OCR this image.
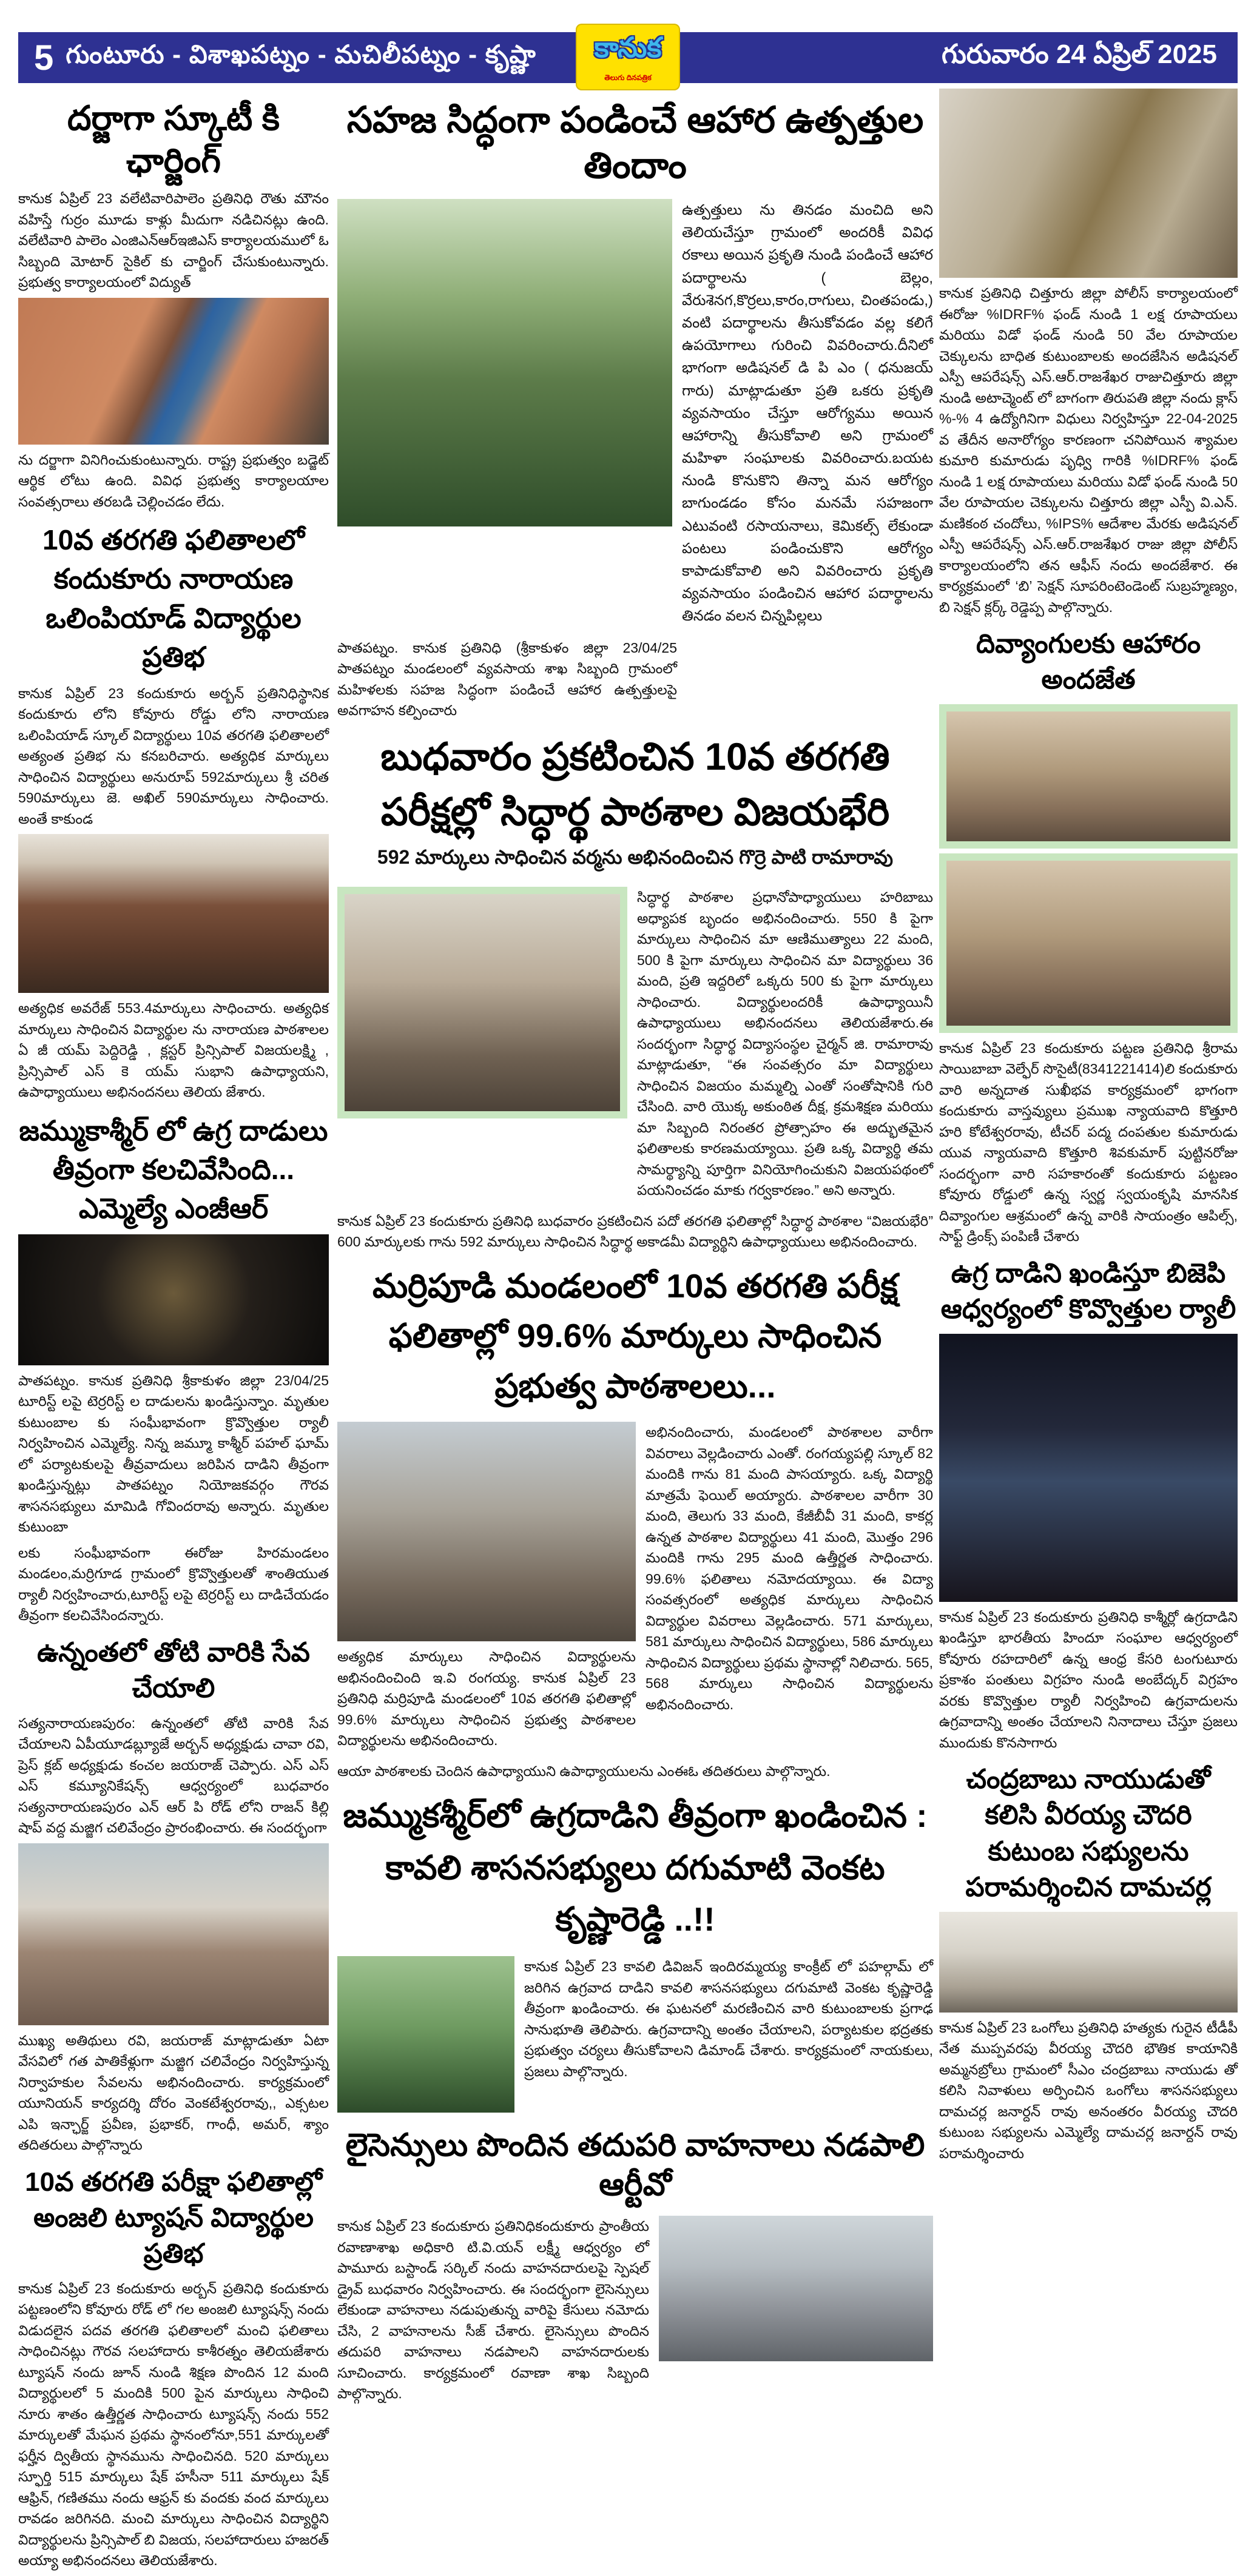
5 గుంటూరు - విశాఖపట్నం - మచిలీపట్నం - కృష్ణా కానుక
తెలుగు దినపత్రిక
గురువారం 24 ఏప్రిల్ 2025
దర్జాగా స్కూటీ కి ఛార్జింగ్
కానుక ఏప్రిల్ 23 వలేటివారిపాలెం ప్రతినిధి రౌతు మౌనం వహిస్తే గుర్రం మూడు కాళ్లు మీదుగా నడిచినట్లు ఉంది. వలేటివారి పాలెం ఎంజిఎన్ఆర్ఇజిఎస్ కార్యాలయములో ఓ సిబ్బంది మోటార్ సైకిల్ కు చార్జింగ్ చేసుకుంటున్నారు. ప్రభుత్వ కార్యాలయంలో విద్యుత్
ను దర్జాగా వినిగించుకుంటున్నారు. రాష్ట్ర ప్రభుత్వం బడ్జెట్ ఆర్థిక లోటు ఉంది. వివిధ ప్రభుత్వ కార్యాలయాల సంవత్సరాలు తరబడి చెల్లించడం లేదు.
10వ తరగతి ఫలితాలలో కందుకూరు నారాయణ ఒలింపియాడ్ విద్యార్థుల ప్రతిభ
కానుక ఏప్రిల్ 23 కందుకూరు అర్బన్ ప్రతినిధిస్థానిక కందుకూరు లోని కోవూరు రోడ్డు లోని నారాయణ ఒలింపియాడ్ స్కూల్ విద్యార్థులు 10వ తరగతి ఫలితాలలో అత్యంత ప్రతిభ ను కనబరిచారు. అత్యధిక మార్కులు సాధించిన విద్యార్థులు అనురూప్ 592మార్కులు శ్రీ చరిత 590మార్కులు జె. అఖిల్ 590మార్కులు సాధించారు. అంతే కాకుండ
అత్యధిక అవరేజ్ 553.4మార్కులు సాధించారు. అత్యధిక మార్కులు సాధించిన విద్యార్థుల ను నారాయణ పాఠశాలల ఏ జీ యమ్ పెద్దిరెడ్డి , క్లస్టర్ ప్రిన్సిపాల్ విజయలక్ష్మి , ప్రిన్సిపాల్ ఎస్ కె యమ్ సుభాని ఉపాధ్యాయని, ఉపాధ్యాయులు అభినందనలు తెలియ జేశారు.
జమ్ముకాశ్మీర్ లో ఉగ్ర దాడులు తీవ్రంగా కలచివేసింది... ఎమ్మెల్యే ఎంజీఆర్
పాతపట్నం. కానుక ప్రతినిధి శ్రీకాకుళం జిల్లా 23/04/25 టూరిస్ట్ లపై టెర్రరిస్ట్ ల దాడులను ఖండిస్తున్నాం. మృతుల కుటుంబాల కు సంఘీభావంగా క్రొవ్వొత్తుల ర్యాలీ నిర్వహించిన ఎమ్మెల్యే. నిన్న జమ్మూ కాశ్మీర్ పహల్ ఘామ్ లో పర్యాటకులపై తీవ్రవాదులు జరిపిన దాడిని తీవ్రంగా ఖండిస్తున్నట్లు పాతపట్నం నియోజకవర్గం గౌరవ శాసనసభ్యులు మామిడి గోవిందరావు అన్నారు. మృతుల కుటుంబా
లకు సంఘీభావంగా ఈరోజు హిరమండలం మండలం,మర్రిగూడ గ్రామంలో క్రొవ్వొత్తులతో శాంతియుత ర్యాలీ నిర్వహించారు,టూరిస్ట్ లపై టెర్రరిస్ట్ లు దాడిచేయడం తీవ్రంగా కలచివేసిందన్నారు.
ఉన్నంతలో తోటి వారికి సేవ చేయాలి
సత్యనారాయణపురం: ఉన్నంతలో తోటి వారికి సేవ చేయాలని ఏపీయూడబ్ల్యూజే అర్బన్ అధ్యక్షుడు చావా రవి, ప్రెస్ క్లబ్ అధ్యక్షుడు కంచల జయరాజ్ చెప్పారు. ఎస్ ఎస్ ఎస్ కమ్యూనికేషన్స్ ఆధ్వర్యంలో బుధవారం సత్యనారాయణపురం ఎన్ ఆర్ పి రోడ్ లోని రాజన్ కిల్లి షాప్ వద్ద మజ్జిగ చలివేంద్రం ప్రారంభించారు. ఈ సందర్భంగా
ముఖ్య అతిథులు రవి, జయరాజ్ మాట్లాడుతూ ఏటా వేసవిలో గత పాతికేళ్లుగా మజ్జిగ చలివేంద్రం నిర్వహిస్తున్న నిర్వాహకుల సేవలను అభినందించారు. కార్యక్రమంలో యూనియన్ కార్యదర్శి దోరం వెంకటేశ్వరరావు,, ఎక్సటల ఎపి ఇన్ఛార్జ్ ప్రవీణ, ప్రభాకర్, గాంధీ, అమర్, శ్యాం తదితరులు పాల్గొన్నారు
10వ తరగతి పరీక్షా ఫలితాల్లో అంజలి ట్యూషన్ విద్యార్థుల ప్రతిభ
కానుక ఏప్రిల్ 23 కందుకూరు అర్బన్ ప్రతినిధి కందుకూరు పట్టణంలోని కోవూరు రోడ్ లో గల అంజలి ట్యూషన్స్ నందు విడుదలైన పదవ తరగతి ఫలితాలలో మంచి ఫలితాలు సాధించినట్లు గౌరవ సలహాదారు కాశీరత్నం తెలియజేశారు ట్యూషన్ నందు జూన్ నుండి శిక్షణ పొందిన 12 మంది విద్యార్థులలో 5 మందికి 500 పైన మార్కులు సాధించి నూరు శాతం ఉత్తీర్ణత సాధించారు ట్యూషన్స్ నందు 552 మార్కులతో మేఘన ప్రథమ స్థానంలోనూ,551 మార్కులతో ఫర్హీన ద్వితీయ స్థానమును సాధించినది. 520 మార్కులు స్ఫూర్తి 515 మార్కులు షేక్ హసీనా 511 మార్కులు షేక్ ఆఫ్రిన్, గణితము నందు ఆఫ్రన్ కు వందకు వంద మార్కులు రావడం జరిగినది. మంచి మార్కులు సాధించిన విద్యార్థిని విద్యార్థులను ప్రిన్సిపాల్ బి విజయ, సలహాదారులు హజరత్ అయ్యా అభినందనలు తెలియజేశారు.
సహజ సిద్ధంగా పండించే ఆహార ఉత్పత్తుల తిందాం
ఉత్పత్తులు ను తినడం మంచిది అని తెలియచేస్తూ గ్రామంలో అందరికీ వివిధ రకాలు అయిన ప్రకృతి నుండి పండించే ఆహార పదార్థాలను ( బెల్లం, వేరుశెనగ,కొర్రలు,కారం,రాగులు, చింతపండు,) వంటి పదార్థాలను తీసుకోవడం వల్ల కలిగే ఉపయోగాలు గురించి వివరించారు.దీనిలో భాగంగా అడిషనల్ డి పి ఎం ( ధనుజయ్ గారు) మాట్లాడుతూ ప్రతి ఒకరు ప్రకృతి వ్యవసాయం చేస్తూ ఆరోగ్యము అయిన ఆహారాన్ని తీసుకోవాలి అని గ్రామంలో మహిళా సంఘాలకు వివరించారు.బయట నుండి కొనుకొని తిన్నా మన ఆరోగ్యం బాగుండడం కోసం మనమే సహజంగా ఎటువంటి రసాయనాలు, కెమికల్స్ లేకుండా పంటలు పండించుకొని ఆరోగ్యం కాపాడుకోవాలి అని వివరించారు ప్రకృతి వ్యవసాయం పండించిన ఆహార పదార్థాలను తినడం వలన చిన్నపిల్లలు
పాతపట్నం. కానుక ప్రతినిధి (శ్రీకాకుళం జిల్లా 23/04/25 పాతపట్నం మండలంలో వ్యవసాయ శాఖ సిబ్బంది గ్రామంలో మహిళలకు సహజ సిద్ధంగా పండించే ఆహార ఉత్పత్తులపై అవగాహన కల్పించారు
బుధవారం ప్రకటించిన 10వ తరగతి పరీక్షల్లో సిద్ధార్థ పాఠశాల విజయభేరి
592 మార్కులు సాధించిన వర్మను అభినందించిన గొర్రె పాటి రామారావు
సిద్ధార్థ పాఠశాల ప్రధానోపాధ్యాయులు హరిబాబు అధ్యాపక బృందం అభినందించారు. 550 కి పైగా మార్కులు సాధించిన మా ఆణిముత్యాలు 22 మంది, 500 కి పైగా మార్కులు సాధించిన మా విద్యార్థులు 36 మంది, ప్రతి ఇద్దరిలో ఒక్కరు 500 కు పైగా మార్కులు సాధించారు. విద్యార్థులందరికీ ఉపాధ్యాయినీ ఉపాధ్యాయులు అభినందనలు తెలియజేశారు.ఈ సందర్భంగా సిద్ధార్థ విద్యాసంస్థల చైర్మన్ జి. రామారావు మాట్లాడుతూ, “ఈ సంవత్సరం మా విద్యార్థులు సాధించిన విజయం మమ్మల్ని ఎంతో సంతోషానికి గురి చేసింది. వారి యొక్క అకుంఠిత దీక్ష, క్రమశిక్షణ మరియు మా సిబ్బంది నిరంతర ప్రోత్సాహం ఈ అద్భుతమైన ఫలితాలకు కారణమయ్యాయి. ప్రతి ఒక్క విద్యార్థి తమ సామర్థ్యాన్ని పూర్తిగా వినియోగించుకుని విజయపథంలో పయనించడం మాకు గర్వకారణం.” అని అన్నారు.
కానుక ఏప్రిల్ 23 కందుకూరు ప్రతినిధి బుధవారం ప్రకటించిన పదో తరగతి ఫలితాల్లో సిద్ధార్థ పాఠశాల “విజయభేరి” 600 మార్కులకు గాను 592 మార్కులు సాధించిన సిద్ధార్థ అకాడమీ విద్యార్థిని ఉపాధ్యాయులు అభినందించారు.
మర్రిపూడి మండలంలో 10వ తరగతి పరీక్ష ఫలితాల్లో 99.6% మార్కులు సాధించిన ప్రభుత్వ పాఠశాలలు...
అత్యధిక మార్కులు సాధించిన విద్యార్థులను అభినందించింది ఇ.వి రంగయ్య. కానుక ఏప్రిల్ 23 ప్రతినిధి మర్రిపూడి మండలంలో 10వ తరగతి ఫలితాల్లో 99.6% మార్కులు సాధించిన ప్రభుత్వ పాఠశాలల విద్యార్థులను అభినందించారు.
అభినందించారు, మండలంలో పాఠశాలల వారీగా వివరాలు వెల్లడించారు ఎంతో. రంగయ్యపల్లి స్కూల్ 82 మందికి గాను 81 మంది పాసయ్యారు. ఒక్క విద్యార్థి మాత్రమే ఫెయిల్ అయ్యారు. పాఠశాలల వారీగా 30 మంది, తెలుగు 33 మంది, కేజీబీవీ 31 మంది, కాకర్ల ఉన్నత పాఠశాల విద్యార్థులు 41 మంది, మొత్తం 296 మందికి గాను 295 మంది ఉత్తీర్ణత సాధించారు. 99.6% ఫలితాలు నమోదయ్యాయి. ఈ విద్యా సంవత్సరంలో అత్యధిక మార్కులు సాధించిన విద్యార్థుల వివరాలు వెల్లడించారు. 571 మార్కులు, 581 మార్కులు సాధించిన విద్యార్థులు, 586 మార్కులు సాధించిన విద్యార్థులు ప్రథమ స్థానాల్లో నిలిచారు. 565, 568 మార్కులు సాధించిన విద్యార్థులను అభినందించారు.
ఆయా పాఠశాలకు చెందిన ఉపాధ్యాయుని ఉపాధ్యాయులను ఎంఈఓ తదితరులు పాల్గొన్నారు.
జమ్ముకశ్మీర్‌లో ఉగ్రదాడిని తీవ్రంగా ఖండించిన : కావలి శాసనసభ్యులు దగుమాటి వెంకట కృష్ణారెడ్డి ..!!
కానుక ఏప్రిల్ 23 కావలి డివిజన్ ఇందిరమ్మయ్య కాంక్రీట్ లో పహల్గామ్ లో జరిగిన ఉగ్రవాద దాడిని కావలి శాసనసభ్యులు దగుమాటి వెంకట కృష్ణారెడ్డి తీవ్రంగా ఖండించారు. ఈ ఘటనలో మరణించిన వారి కుటుంబాలకు ప్రగాఢ సానుభూతి తెలిపారు. ఉగ్రవాదాన్ని అంతం చేయాలని, పర్యాటకుల భద్రతకు ప్రభుత్వం చర్యలు తీసుకోవాలని డిమాండ్ చేశారు. కార్యక్రమంలో నాయకులు, ప్రజలు పాల్గొన్నారు.
లైసెన్సులు పొందిన తదుపరి వాహనాలు నడపాలి ఆర్టీవో
కానుక ఏప్రిల్ 23 కందుకూరు ప్రతినిధికందుకూరు ప్రాంతీయ రవాణాశాఖ అధికారి టి.వి.యన్ లక్ష్మీ ఆధ్వర్యం లో పామూరు బస్టాండ్ సర్కిల్ నందు వాహనదారులపై స్పెషల్ డ్రైవ్ బుధవారం నిర్వహించారు. ఈ సందర్భంగా లైసెన్సులు లేకుండా వాహనాలు నడుపుతున్న వారిపై కేసులు నమోదు చేసి, 2 వాహనాలను సీజ్ చేశారు. లైసెన్సులు పొందిన తదుపరి వాహనాలు నడపాలని వాహనదారులకు సూచించారు. కార్యక్రమంలో రవాణా శాఖ సిబ్బంది పాల్గొన్నారు.
కానుక ప్రతినిధి చిత్తూరు జిల్లా పోలీస్ కార్యాలయంలో ఈరోజు %IDRF% ఫండ్ నుండి 1 లక్ష రూపాయలు మరియు విడో ఫండ్ నుండి 50 వేల రూపాయల చెక్కులను బాధిత కుటుంబాలకు అందజేసిన అడిషనల్ ఎస్పీ ఆపరేషన్స్ ఎస్.ఆర్.రాజశేఖర రాజుచిత్తూరు జిల్లా నుండి అటాచ్మెంట్ లో బాగంగా తిరుపతి జిల్లా నందు క్లాస్ %-% 4 ఉద్యోగినిగా విధులు నిర్వహిస్తూ 22-04-2025 వ తేదీన అనారోగ్యం కారణంగా చనిపోయిన శ్యామల కుమారి కుమారుడు పృధ్వి గారికి %IDRF% ఫండ్ నుండి 1 లక్ష రూపాయలు మరియు విడో ఫండ్ నుండి 50 వేల రూపాయల చెక్కులను చిత్తూరు జిల్లా ఎస్పీ వి.ఎన్. మణికంఠ చందోలు, %IPS% ఆదేశాల మేరకు అడిషనల్ ఎస్పీ ఆపరేషన్స్ ఎస్.ఆర్.రాజశేఖర రాజు జిల్లా పోలీస్ కార్యాలయంలోని తన ఆఫీస్ నందు అందజేశార. ఈ కార్యక్రమంలో ‘బి’ సెక్షన్ సూపరింటెండెంట్ సుబ్రహ్మణ్యం, బి సెక్షన్ క్లర్క్ రెడ్డెప్ప పాల్గొన్నారు.
దివ్యాంగులకు ఆహారం అందజేత
కానుక ఏప్రిల్ 23 కందుకూరు పట్టణ ప్రతినిధి శ్రీరామ సాయిబాబా వెల్ఫేర్ సొసైటీ(8341221414)లి కందుకూరు వారి అన్నదాత సుఖీభవ కార్యక్రమంలో భాగంగా కందుకూరు వాస్తవ్యులు ప్రముఖ న్యాయవాది కొత్తూరి హరి కోటేశ్వరరావు, టీచర్ పద్మ దంపతుల కుమారుడు యువ న్యాయవాది కొత్తూరి శివకుమార్ పుట్టినరోజు సందర్భంగా వారి సహకారంతో కందుకూరు పట్టణం కోవూరు రోడ్డులో ఉన్న స్వర్ణ స్వయంకృషి మానసిక దివ్యాంగుల ఆశ్రమంలో ఉన్న వారికి సాయంత్రం ఆపిల్స్, సాఫ్ట్ డ్రింక్స్ పంపిణీ చేశారు
ఉగ్ర దాడిని ఖండిస్తూ బిజెపి ఆధ్వర్యంలో కొవ్వొత్తుల ర్యాలీ
కానుక ఏప్రిల్ 23 కందుకూరు ప్రతినిధి కాశ్మీర్లో ఉగ్రదాడిని ఖండిస్తూ భారతీయ హిందూ సంఘాల ఆధ్వర్యంలో కోవూరు రహదారిలో ఉన్న ఆంధ్ర కేసరి టంగుటూరు ప్రకాశం పంతులు విగ్రహం నుండి అంబేద్కర్ విగ్రహం వరకు కొవ్వొత్తుల ర్యాలీ నిర్వహించి ఉగ్రవాదులను ఉగ్రవాదాన్ని అంతం చేయాలని నినాదాలు చేస్తూ ప్రజలు ముందుకు కొనసాగారు
చంద్రబాబు నాయుడుతో కలిసి వీరయ్య చౌదరి కుటుంబ సభ్యులను పరామర్శించిన దామచర్ల
కానుక ఏప్రిల్ 23 ఒంగోలు ప్రతినిధి హత్యకు గురైన టీడీపీ నేత ముప్పవరపు వీరయ్య చౌదరి భౌతిక కాయానికి అమ్మనబ్రోలు గ్రామంలో సీఎం చంద్రబాబు నాయుడు తో కలిసి నివాళులు అర్పించిన ఒంగోలు శాసనసభ్యులు దామచర్ల జనార్దన్ రావు అనంతరం వీరయ్య చౌదరి కుటుంబ సభ్యులను ఎమ్మెల్యే దామచర్ల జనార్దన్ రావు పరామర్శించారు
